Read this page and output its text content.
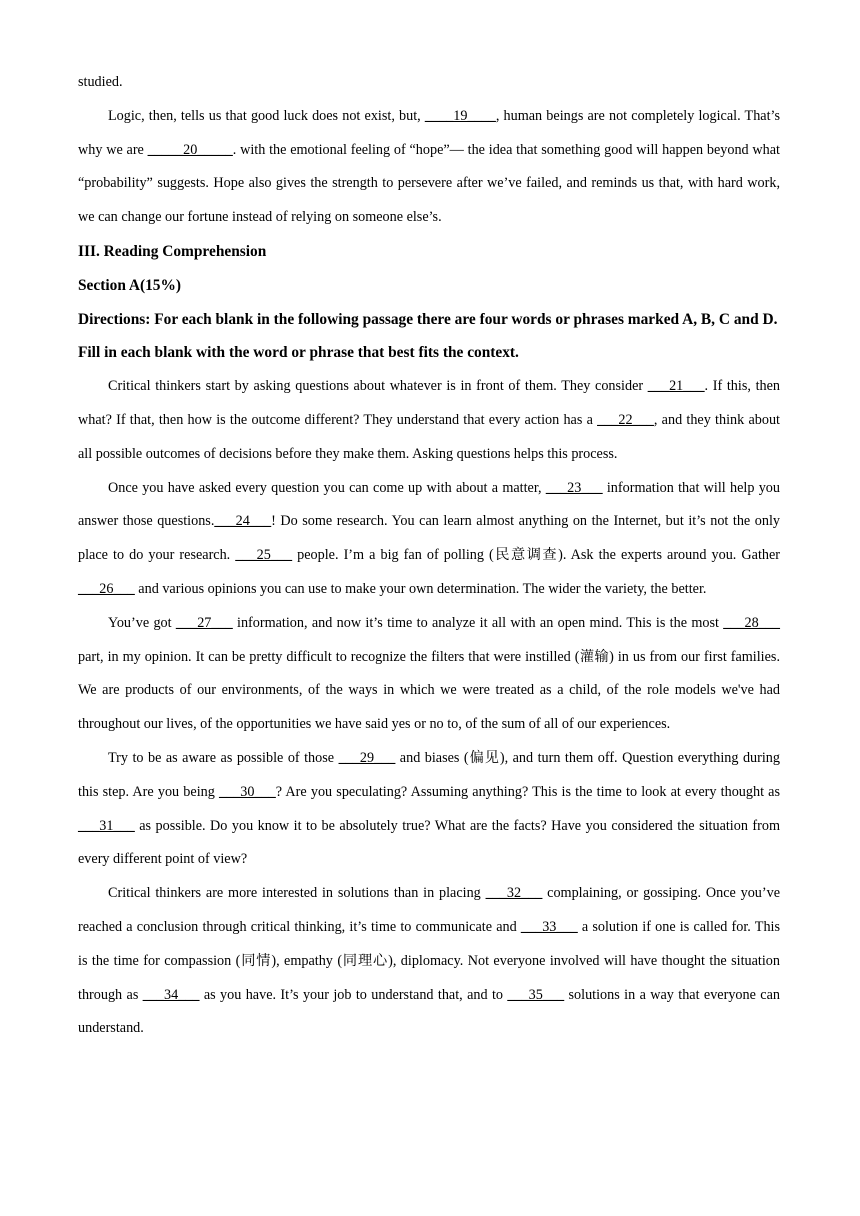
studied.

Logic, then, tells us that good luck does not exist, but, ____19____, human beings are not completely logical. That’s why we are _____20_____. with the emotional feeling of “hope”— the idea that something good will happen beyond what “probability” suggests. Hope also gives the strength to persevere after we’ve failed, and reminds us that, with hard work, we can change our fortune instead of relying on someone else’s.

III. Reading Comprehension

Section A(15%)

Directions: For each blank in the following passage there are four words or phrases marked A, B, C and D. Fill in each blank with the word or phrase that best fits the context.

Critical thinkers start by asking questions about whatever is in front of them. They consider ___21___. If this, then what? If that, then how is the outcome different? They understand that every action has a ___22___, and they think about all possible outcomes of decisions before they make them. Asking questions helps this process.

Once you have asked every question you can come up with about a matter, ___23___ information that will help you answer those questions.___24___! Do some research. You can learn almost anything on the Internet, but it’s not the only place to do your research. ___25___ people. I’m a big fan of polling (民意调查). Ask the experts around you. Gather ___26___ and various opinions you can use to make your own determination. The wider the variety, the better.

You’ve got ___27___ information, and now it’s time to analyze it all with an open mind. This is the most ___28___ part, in my opinion. It can be pretty difficult to recognize the filters that were instilled (灌输) in us from our first families. We are products of our environments, of the ways in which we were treated as a child, of the role models we've had throughout our lives, of the opportunities we have said yes or no to, of the sum of all of our experiences.

Try to be as aware as possible of those ___29___ and biases (偏见), and turn them off. Question everything during this step. Are you being ___30___? Are you speculating? Assuming anything? This is the time to look at every thought as ___31___ as possible. Do you know it to be absolutely true? What are the facts? Have you considered the situation from every different point of view?

Critical thinkers are more interested in solutions than in placing ___32___ complaining, or gossiping. Once you’ve reached a conclusion through critical thinking, it’s time to communicate and ___33___ a solution if one is called for. This is the time for compassion (同情), empathy (同理心), diplomacy. Not everyone involved will have thought the situation through as ___34___ as you have. It’s your job to understand that, and to ___35___ solutions in a way that everyone can understand.
